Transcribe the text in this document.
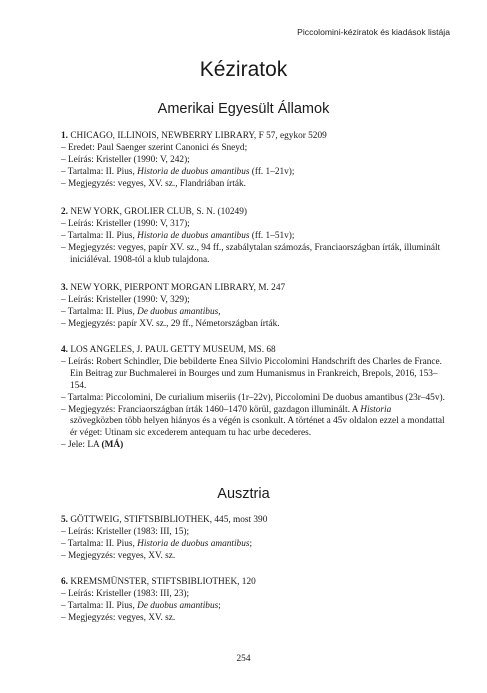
Piccolomini-kéziratok és kiadások listája
Kéziratok
Amerikai Egyesült Államok

1. CHICAGO, ILLINOIS, NEWBERRY LIBRARY, F 57, egykor 5209

– Eredet: Paul Saenger szerint Canonici és Sneyd;

– Leírás: Kristeller (1990: V, 242);

– Tartalma: II. Pius, Historia de duobus amantibus (ff. 1–21v);

– Megjegyzés: vegyes, XV. sz., Flandriában írták.

2. NEW YORK, GROLIER CLUB, S. N. (10249)

– Leírás: Kristeller (1990: V, 317);

– Tartalma: II. Pius, Historia de duobus amantibus (ff. 1–51v);

– Megjegyzés: vegyes, papír XV. sz., 94 ff., szabálytalan számozás, Franciaországban írták, illuminált iniciáléval. 1908-tól a klub tulajdona.

3. NEW YORK, PIERPONT MORGAN LIBRARY, M. 247

– Leírás: Kristeller (1990: V, 329);

– Tartalma: II. Pius, De duobus amantibus,

– Megjegyzés: papír XV. sz., 29 ff., Németországban írták.

4. LOS ANGELES, J. PAUL GETTY MUSEUM, MS. 68

– Leírás: Robert Schindler, Die bebilderte Enea Silvio Piccolomini Handschrift des Charles de France. Ein Beitrag zur Buchmalerei in Bourges und zum Humanismus in Frankreich, Brepols, 2016, 153–154.

– Tartalma: Piccolomini, De curialium miseriis (1r–22v), Piccolomini De duobus amantibus (23r–45v).

– Megjegyzés: Franciaországban írták 1460–1470 körül, gazdagon illuminált. A Historia szövegközben több helyen hiányos és a végén is csonkult. A történet a 45v oldalon ezzel a mondattal ér véget: Utinam sic excederem antequam tu hac urbe decederes.

– Jele: LA (MÁ)

Ausztria

5. GÖTTWEIG, STIFTSBIBLIOTHEK, 445, most 390

– Leírás: Kristeller (1983: III, 15);

– Tartalma: II. Pius, Historia de duobus amantibus;

– Megjegyzés: vegyes, XV. sz.

6. KREMSMÜNSTER, STIFTSBIBLIOTHEK, 120

– Leírás: Kristeller (1983: III, 23);

– Tartalma: II. Pius, De duobus amantibus;

– Megjegyzés: vegyes, XV. sz.

254
